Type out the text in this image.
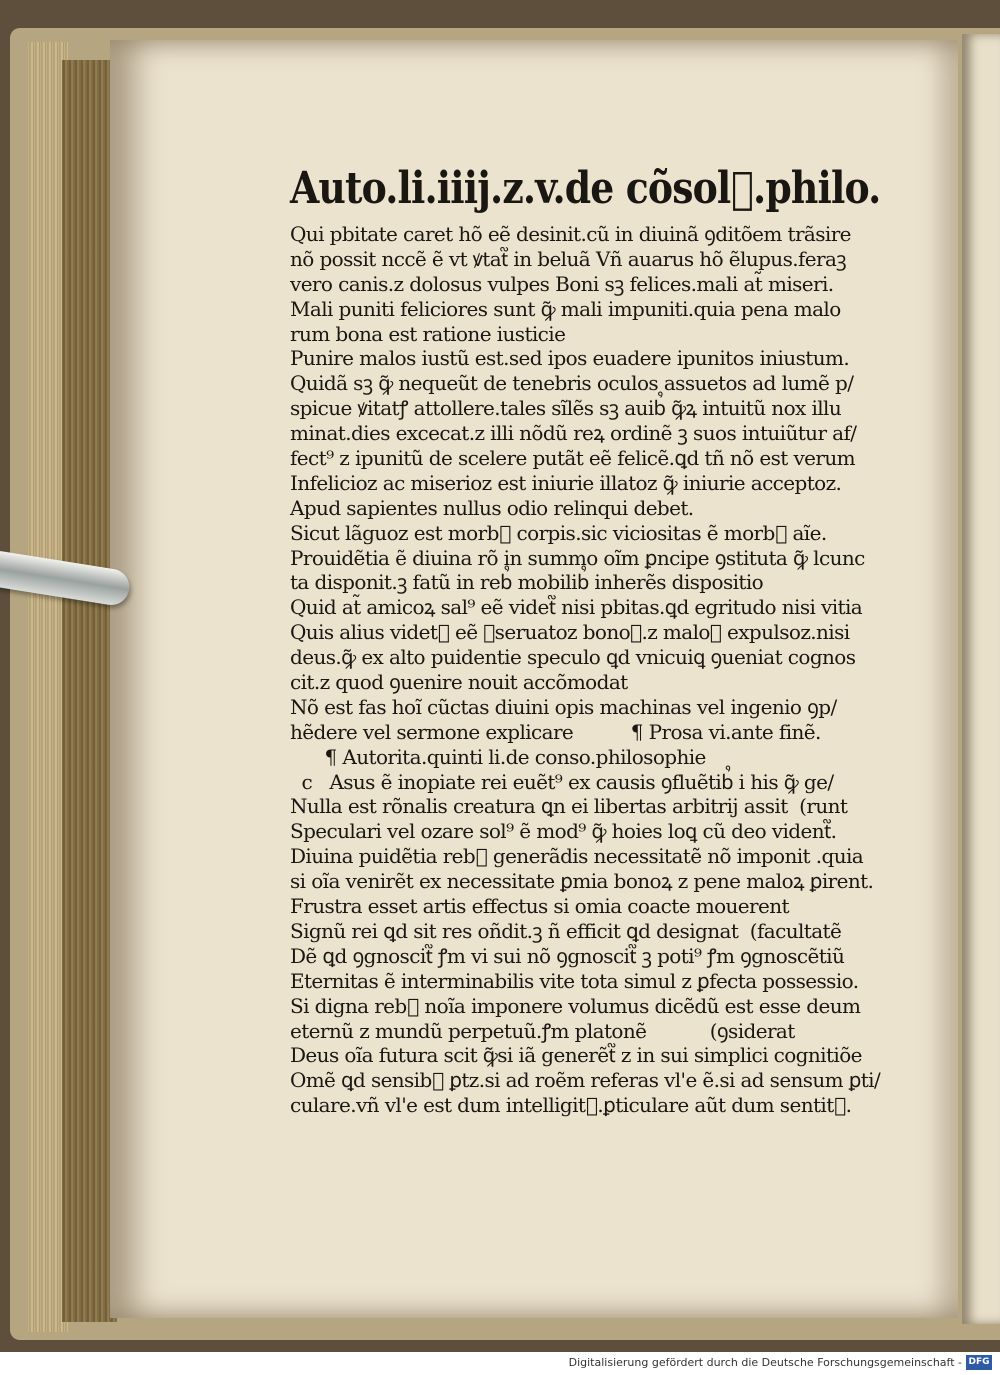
Auto.li.iiij.z.v.de cõsol᷑.philo.
Qui pbitate caret hõ eẽ desinit.cũ in diuinã ꝯditõem trãsire
nõ possit nccẽ ẽ vt ꝟtat᷑ in beluã Vñ auarus hõ ẽlupus.feraꝫ
vero canis.z dolosus vulpes Boni sꝫ felices.mali at̃ miseri.
Mali puniti feliciores sunt ꝙ̃ mali impuniti.quia pena malo
rum bona est ratione iusticie
Punire malos iustũ est.sed ipos euadere ipunitos iniustum.
Quidã sꝫ ꝙ̃ nequeũt de tenebris oculos assuetos ad lumẽ p/
spicue ꝟitatꝭ attollere.tales sĩlẽs sꝫ auib᷒ ꝙ̃ꝝ intuitũ nox illu
minat.dies excecat.z illi nõdũ reꝝ ordinẽ ꝫ suos intuiũtur af/
fect⁹ z ipunitũ de scelere putãt eẽ felicẽ.ꝗd tñ nõ est verum
Infelicioz ac miserioz est iniurie illatoz ꝙ̃ iniurie acceptoz.
Apud sapientes nullus odio relinqui debet.
Sicut lãguoz est morb᷒ corpis.sic viciositas ẽ morb᷒ aĩe.
Prouidẽtia ẽ diuina rõ in summo oĩm ꝑncipe ꝯstituta ꝙ̃ lcunc
ta disponit.ꝫ fatũ in reb᷒ mobilib᷒ inherẽs dispositio
Quid at̃ amicoꝝ sal⁹ eẽ videt᷑ nisi pbitas.ꝗd egritudo nisi vitia
Quis alius videt᷑ eẽ ꝯseruatoz bonoꝝ.z maloꝝ expulsoz.nisi
deus.ꝙ̃ ex alto puidentie speculo ꝗd vnicuiꝗ ꝯueniat cognos
cit.z quod ꝯuenire nouit accõmodat
Nõ est fas hoĩ cũctas diuini opis machinas vel ingenio ꝯp/
hẽdere vel sermone explicare          ¶ Prosa vi.ante finẽ.
¶ Autorita.quinti li.de conso.philosophie
c   Asus ẽ inopiate rei euẽt⁹ ex causis ꝯfluẽtib᷒ i his ꝙ̃ ge/
Nulla est rõnalis creatura ꝗn ei libertas arbitrij assit  (runt
Speculari vel ozare sol⁹ ẽ mod⁹ ꝙ̃ hoies loꝗ cũ deo vident᷑.
Diuina puidẽtia reb᷒ generãdis necessitatẽ nõ imponit .quia
si oĩa venirẽt ex necessitate ꝑmia bonoꝝ z pene maloꝝ ꝑirent.
Frustra esset artis effectus si omia coacte mouerent
Signũ rei ꝗd sit res oñdit.ꝫ ñ efficit ꝗd designat  (facultatẽ
Dẽ ꝗd ꝯgnoscit᷑ ꝭm vi sui nõ ꝯgnoscit᷑ ꝫ poti⁹ ꝭm ꝯgnoscẽtiũ
Eternitas ẽ interminabilis vite tota simul z ꝑfecta possessio.
Si digna reb᷒ noĩa imponere volumus dicẽdũ est esse deum
eternũ z mundũ perpetuũ.ꝭm platonẽ           (ꝯsiderat
Deus oĩa futura scit ꝙ̃si iã generẽt᷑ z in sui simplici cognitiõe
Omẽ ꝗd sensib᷒ ꝑtz.si ad roẽm referas vl'e ẽ.si ad sensum ꝑti/
culare.vñ vl'e est dum intelligit᷑.ꝑticulare aũt dum sentit᷑.
Digitalisierung gefördert durch die Deutsche Forschungsgemeinschaft - DFG
